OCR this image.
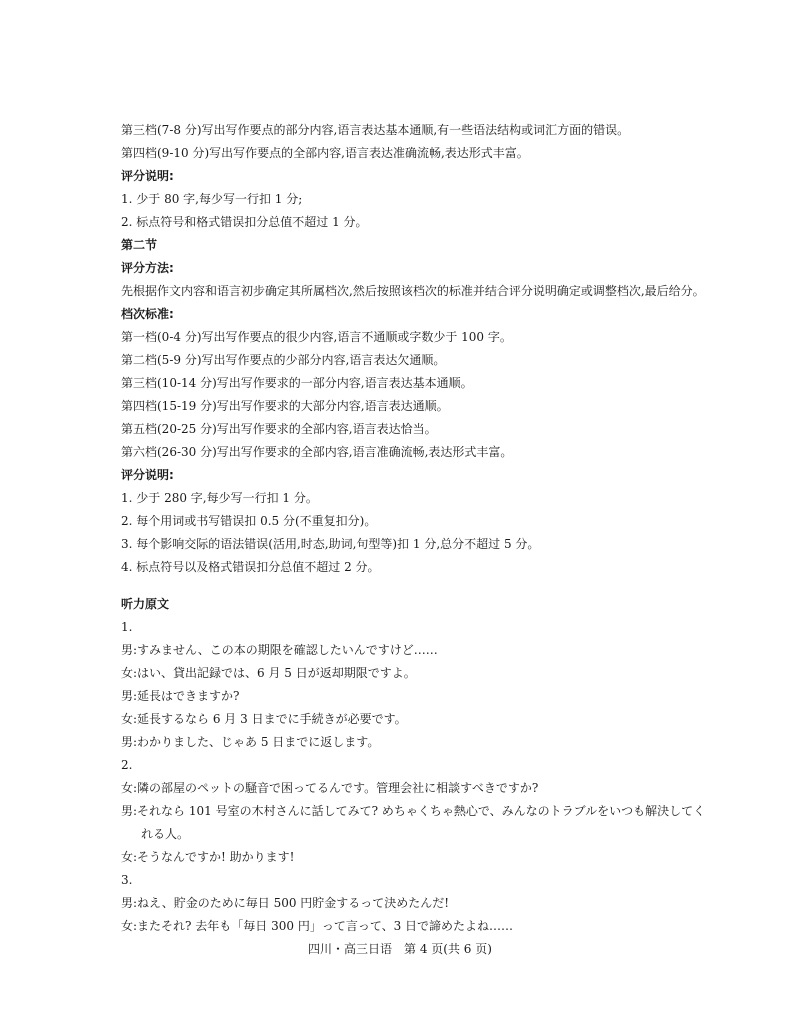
第三档(7-8 分)写出写作要点的部分内容,语言表达基本通顺,有一些语法结构或词汇方面的错误。

第四档(9-10 分)写出写作要点的全部内容,语言表达准确流畅,表达形式丰富。

评分说明:

1. 少于 80 字,每少写一行扣 1 分;

2. 标点符号和格式错误扣分总值不超过 1 分。

第二节

评分方法:

先根据作文内容和语言初步确定其所属档次,然后按照该档次的标准并结合评分说明确定或调整档次,最后给分。

档次标准:

第一档(0-4 分)写出写作要点的很少内容,语言不通顺或字数少于 100 字。

第二档(5-9 分)写出写作要点的少部分内容,语言表达欠通顺。

第三档(10-14 分)写出写作要求的一部分内容,语言表达基本通顺。

第四档(15-19 分)写出写作要求的大部分内容,语言表达通顺。

第五档(20-25 分)写出写作要求的全部内容,语言表达恰当。

第六档(26-30 分)写出写作要求的全部内容,语言准确流畅,表达形式丰富。

评分说明:

1. 少于 280 字,每少写一行扣 1 分。

2. 每个用词或书写错误扣 0.5 分(不重复扣分)。

3. 每个影响交际的语法错误(活用,时态,助词,句型等)扣 1 分,总分不超过 5 分。

4. 标点符号以及格式错误扣分总值不超过 2 分。

听力原文

1.

男:すみません、この本の期限を確認したいんですけど……

女:はい、貸出記録では、6 月 5 日が返却期限ですよ。

男:延長はできますか?

女:延長するなら 6 月 3 日までに手続きが必要です。

男:わかりました、じゃあ 5 日までに返します。

2.

女:隣の部屋のペットの騒音で困ってるんです。管理会社に相談すべきですか?

男:それなら 101 号室の木村さんに話してみて? めちゃくちゃ熱心で、みんなのトラブルをいつも解決してく

れる人。

女:そうなんですか! 助かります!

3.

男:ねえ、貯金のために毎日 500 円貯金するって決めたんだ!

女:またそれ? 去年も「毎日 300 円」って言って、3 日で諦めたよね……

四川・高三日语　第 4 页(共 6 页)
